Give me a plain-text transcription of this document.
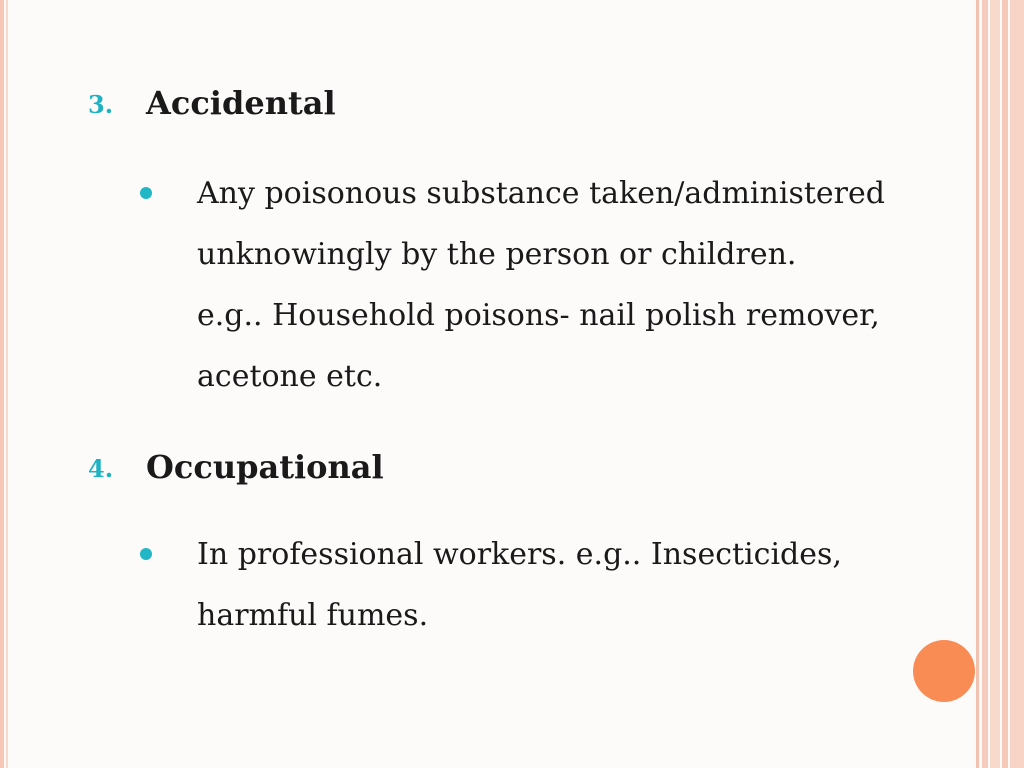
3. Accidental
Any poisonous substance taken/administered
unknowingly by the person or children.
e.g.. Household poisons- nail polish remover,
acetone etc.
4. Occupational
In professional workers. e.g.. Insecticides,
harmful fumes.
